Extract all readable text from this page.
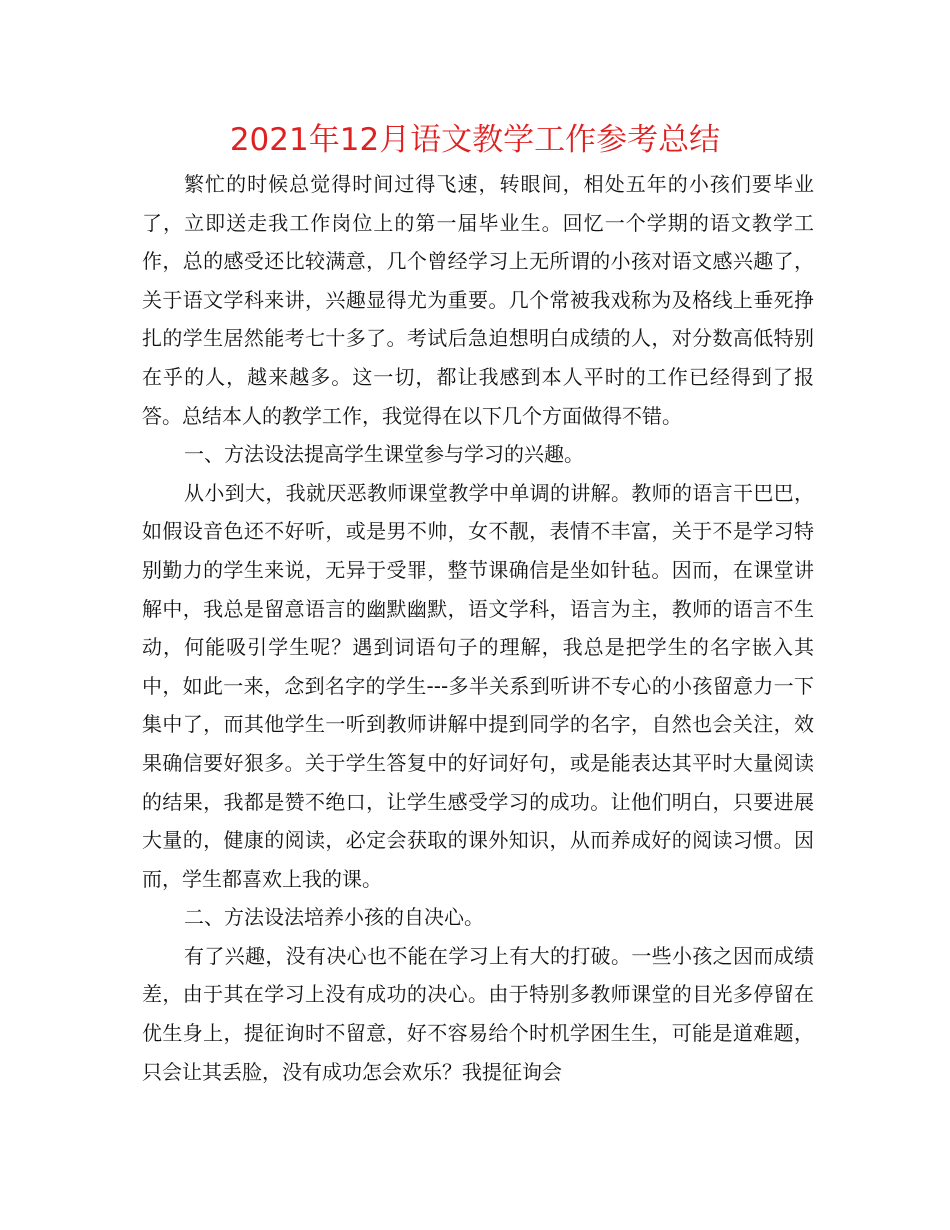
2021年12月语文教学工作参考总结

繁忙的时候总觉得时间过得飞速，转眼间，相处五年的小孩们要毕业了，立即送走我工作岗位上的第一届毕业生。回忆一个学期的语文教学工作，总的感受还比较满意，几个曾经学习上无所谓的小孩对语文感兴趣了，关于语文学科来讲，兴趣显得尤为重要。几个常被我戏称为及格线上垂死挣扎的学生居然能考七十多了。考试后急迫想明白成绩的人，对分数高低特别在乎的人，越来越多。这一切，都让我感到本人平时的工作已经得到了报答。总结本人的教学工作，我觉得在以下几个方面做得不错。

一、方法设法提高学生课堂参与学习的兴趣。

从小到大，我就厌恶教师课堂教学中单调的讲解。教师的语言干巴巴，如假设音色还不好听，或是男不帅，女不靓，表情不丰富，关于不是学习特别勤力的学生来说，无异于受罪，整节课确信是坐如针毡。因而，在课堂讲解中，我总是留意语言的幽默幽默，语文学科，语言为主，教师的语言不生动，何能吸引学生呢？遇到词语句子的理解，我总是把学生的名字嵌入其中，如此一来，念到名字的学生---多半关系到听讲不专心的小孩留意力一下集中了，而其他学生一听到教师讲解中提到同学的名字，自然也会关注，效果确信要好狠多。关于学生答复中的好词好句，或是能表达其平时大量阅读的结果，我都是赞不绝口，让学生感受学习的成功。让他们明白，只要进展大量的，健康的阅读，必定会获取的课外知识，从而养成好的阅读习惯。因而，学生都喜欢上我的课。

二、方法设法培养小孩的自决心。

有了兴趣，没有决心也不能在学习上有大的打破。一些小孩之因而成绩差，由于其在学习上没有成功的决心。由于特别多教师课堂的目光多停留在优生身上，提征询时不留意，好不容易给个时机学困生生，可能是道难题，只会让其丢脸，没有成功怎会欢乐？我提征询会
